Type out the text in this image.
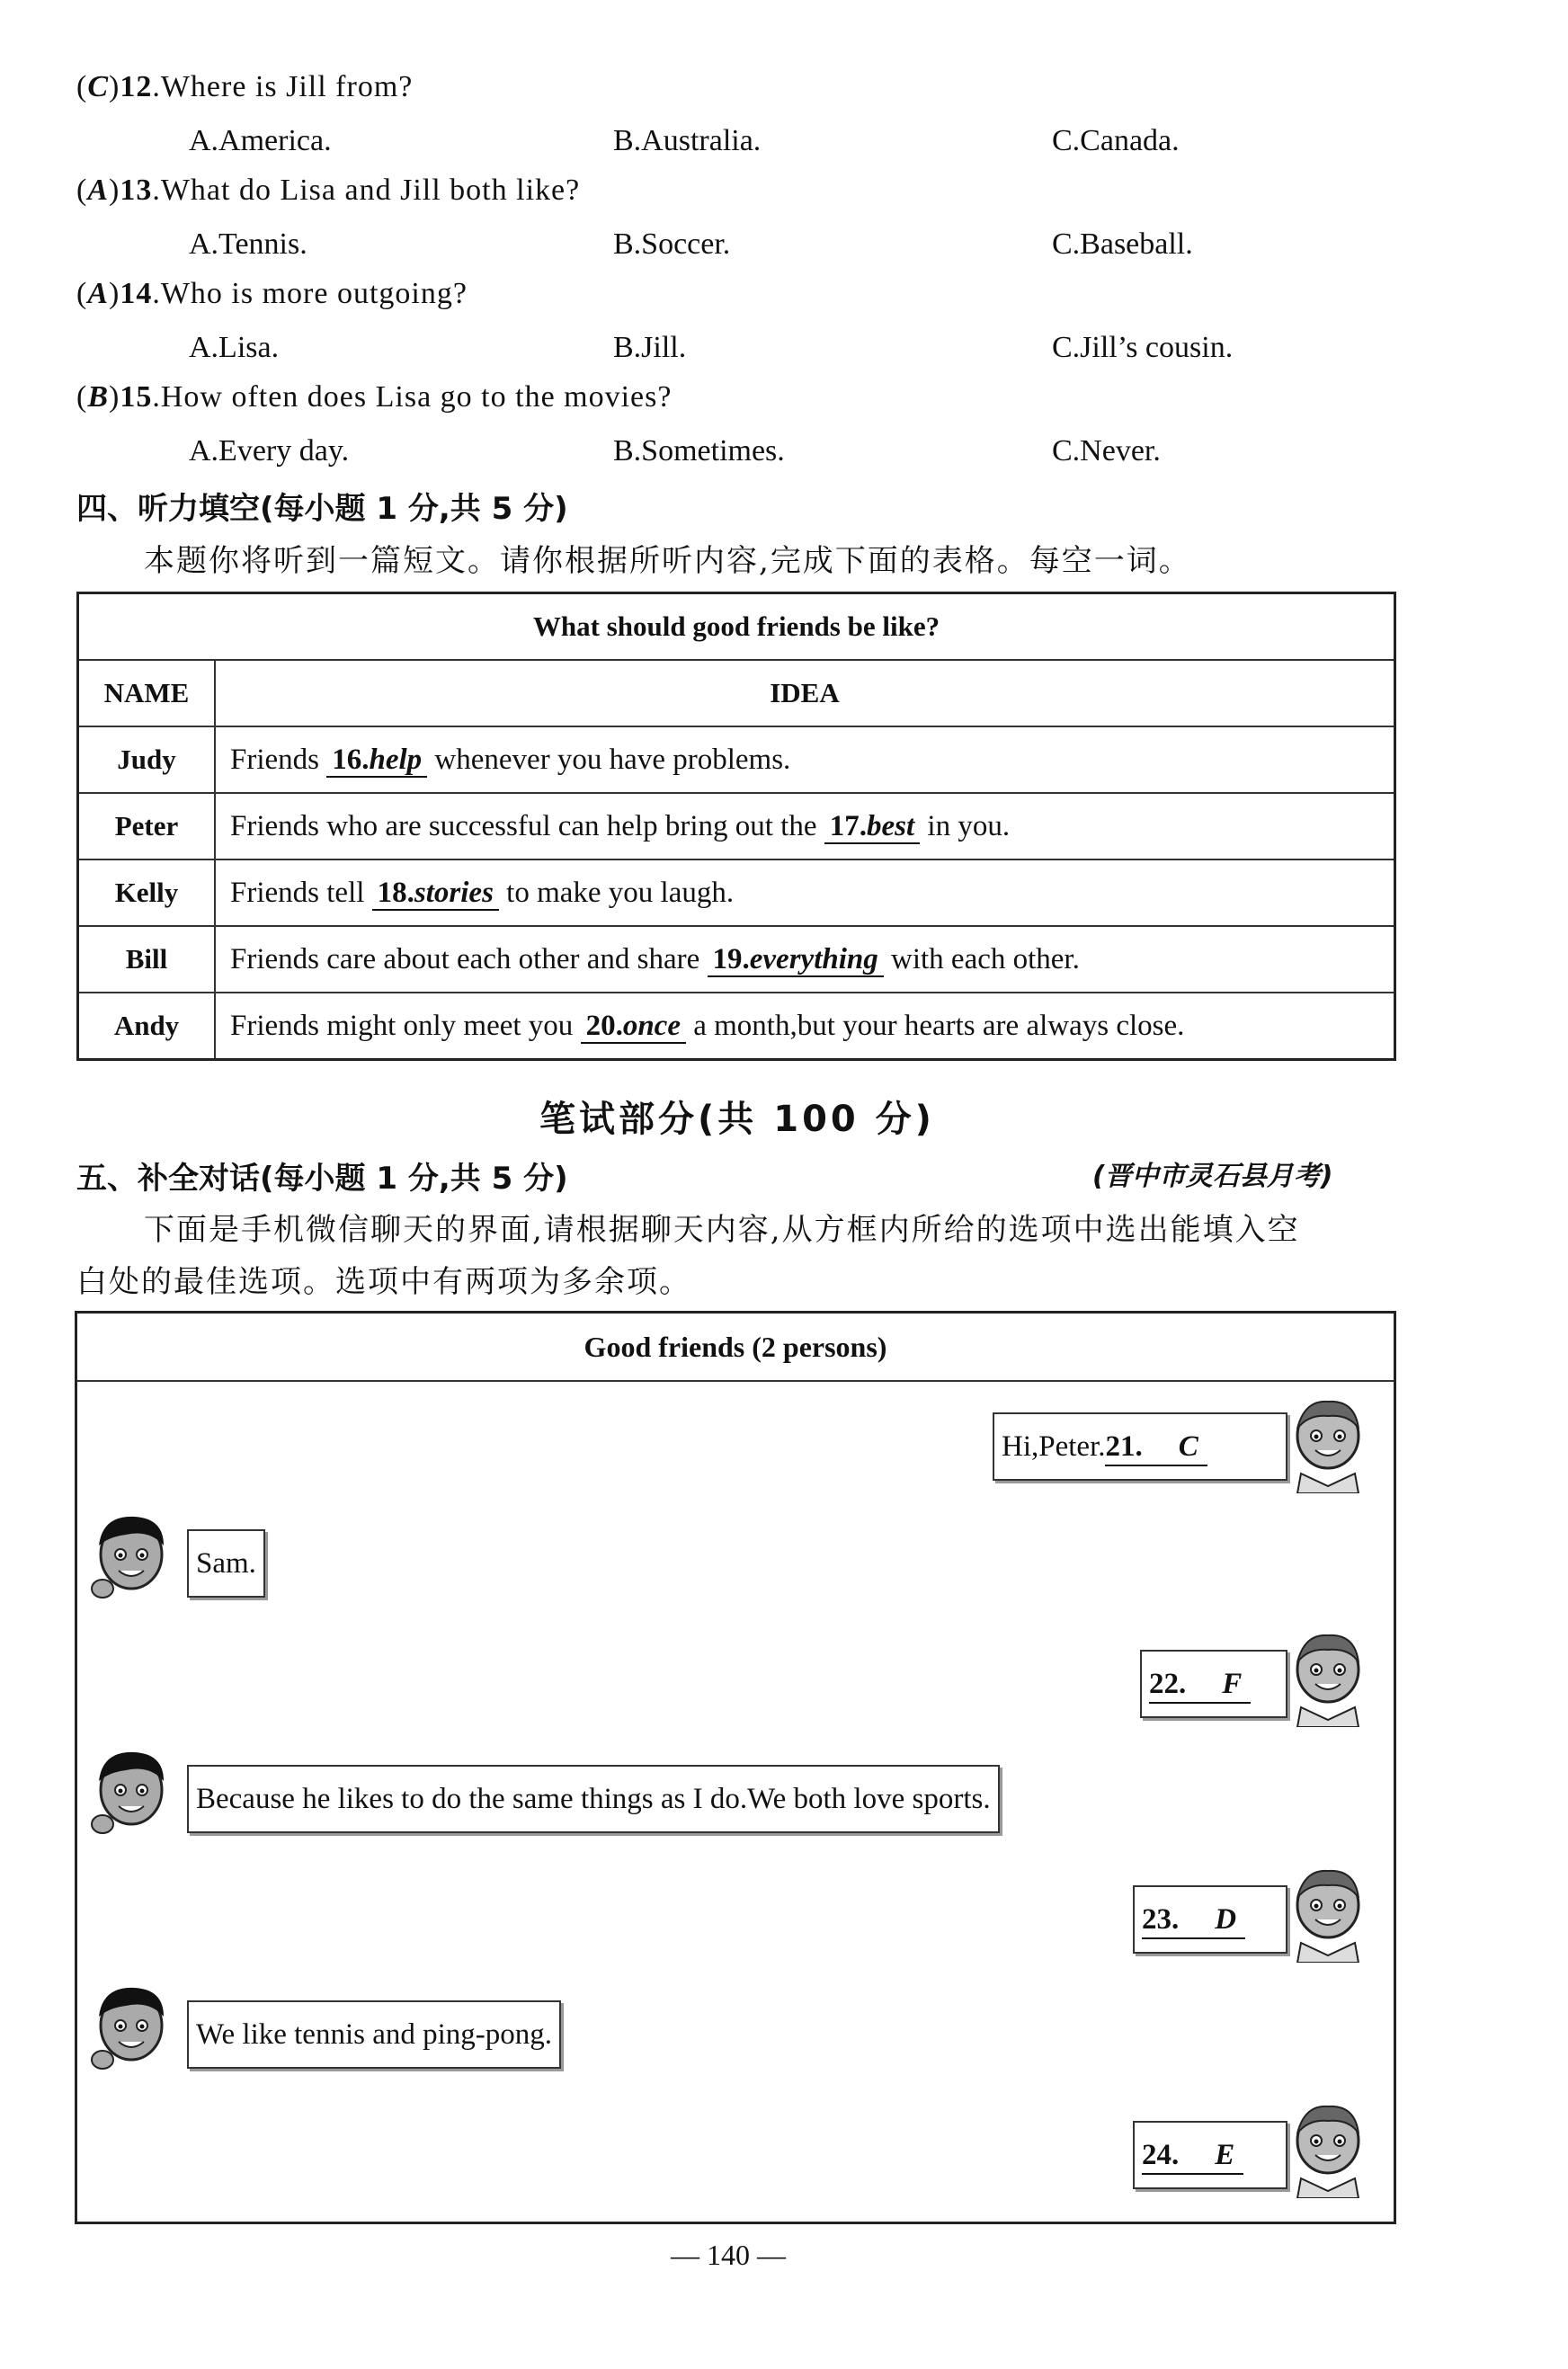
(C)12.Where is Jill from?
A.America.	B.Australia.	C.Canada.
(A)13.What do Lisa and Jill both like?
A.Tennis.	B.Soccer.	C.Baseball.
(A)14.Who is more outgoing?
A.Lisa.	B.Jill.	C.Jill’s cousin.
(B)15.How often does Lisa go to the movies?
A.Every day.	B.Sometimes.	C.Never.
四、听力填空(每小题 1 分,共 5 分)
本题你将听到一篇短文。请你根据所听内容,完成下面的表格。每空一词。
What should good friends be like?	
NAME	IDEA
Judy	Friends 16.help whenever you have problems.
Peter	Friends who are successful can help bring out the 17.best in you.
Kelly	Friends tell 18.stories to make you laugh.
Bill	Friends care about each other and share 19.everything with each other.
Andy	Friends might only meet you 20.once a month,but your hearts are always close.
笔试部分(共 100 分)
五、补全对话(每小题 1 分,共 5 分)	(晋中市灵石县月考)
下面是手机微信聊天的界面,请根据聊天内容,从方框内所给的选项中选出能填入空
白处的最佳选项。选项中有两项为多余项。
Good friends (2 persons)
Hi,Peter.21. C
Sam.
22. F
Because he likes to do the same things as I do.We both love sports.
23. D
We like tennis and ping-pong.
24. E
— 140 —
